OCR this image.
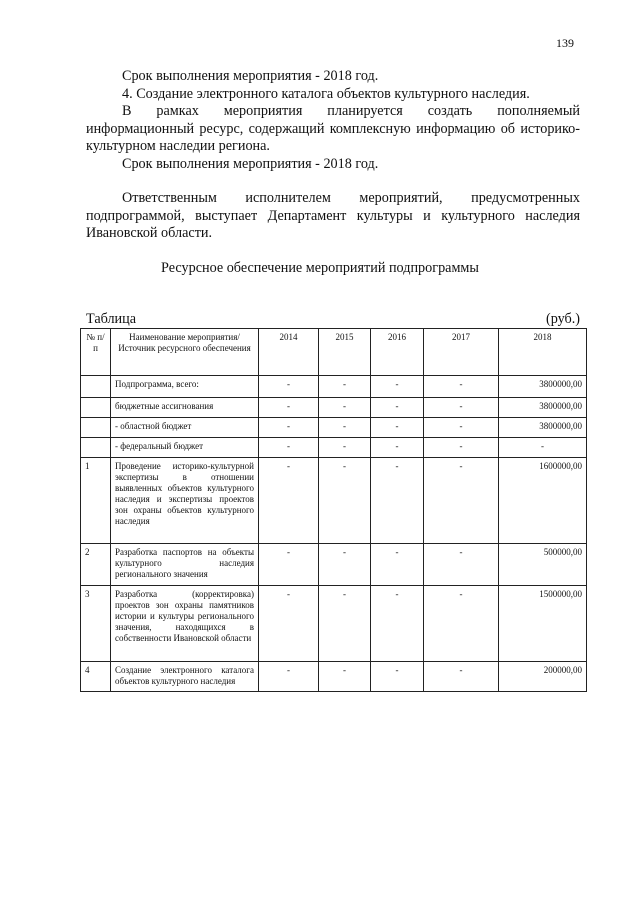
139

Срок выполнения мероприятия - 2018 год.

4. Создание электронного каталога объектов культурного наследия.

В рамках мероприятия планируется создать пополняемый информационный ресурс, содержащий комплексную информацию об историко-культурном наследии региона.

Срок выполнения мероприятия - 2018 год.

Ответственным исполнителем мероприятий, предусмотренных подпрограммой, выступает Департамент культуры и культурного наследия Ивановской области.

Ресурсное обеспечение мероприятий подпрограммы
Таблица	(руб.)
№ п/п	Наименование мероприятия/Источник ресурсного обеспечения	2014	2015	2016	2017	2018
	Подпрограмма, всего:	-	-	-	-	3800000,00
	бюджетные ассигнования	-	-	-	-	3800000,00
	- областной бюджет	-	-	-	-	3800000,00
	- федеральный бюджет	-	-	-	-	-
1	Проведение историко-культурной экспертизы в отношении выявленных объектов культурного наследия и экспертизы проектов зон охраны объектов культурного наследия	-	-	-	-	1600000,00
2	Разработка паспортов на объекты культурного наследия регионального значения	-	-	-	-	500000,00
3	Разработка (корректировка) проектов зон охраны памятников истории и культуры регионального значения, находящихся в собственности Ивановской области	-	-	-	-	1500000,00
4	Создание электронного каталога объектов культурного наследия	-	-	-	-	200000,00
